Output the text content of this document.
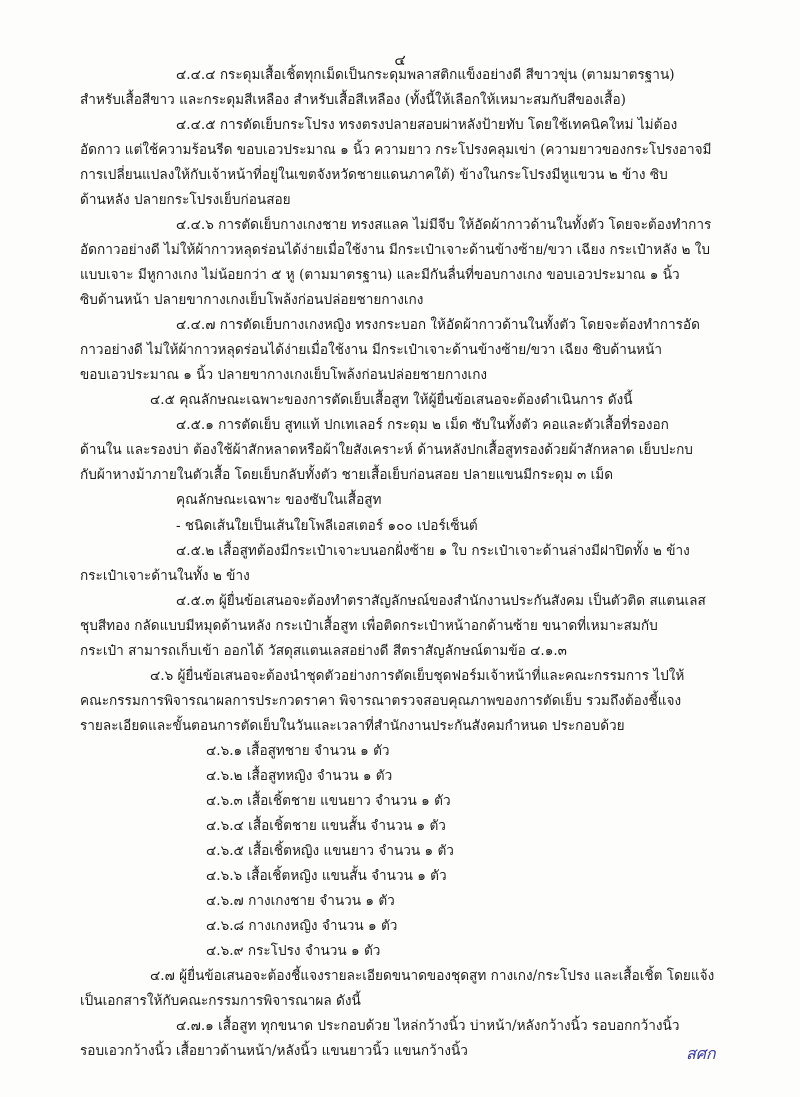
๔
สศก

๔.๔.๔ กระดุมเสื้อเชิ้ตทุกเม็ดเป็นกระดุมพลาสติกแข็งอย่างดี สีขาวขุ่น (ตามมาตรฐาน)

สำหรับเสื้อสีขาว และกระดุมสีเหลือง สำหรับเสื้อสีเหลือง (ทั้งนี้ให้เลือกให้เหมาะสมกับสีของเสื้อ)

๔.๔.๕ การตัดเย็บกระโปรง ทรงตรงปลายสอบผ่าหลังป้ายทับ โดยใช้เทคนิคใหม่ ไม่ต้อง

อัดกาว แต่ใช้ความร้อนรีด ขอบเอวประมาณ ๑ นิ้ว ความยาว กระโปรงคลุมเข่า (ความยาวของกระโปรงอาจมี

การเปลี่ยนแปลงให้กับเจ้าหน้าที่อยู่ในเขตจังหวัดชายแดนภาคใต้) ข้างในกระโปรงมีหูแขวน ๒ ข้าง ซิบ

ด้านหลัง ปลายกระโปรงเย็บก่อนสอย

๔.๔.๖ การตัดเย็บกางเกงชาย ทรงสแลค ไม่มีจีบ ให้อัดผ้ากาวด้านในทั้งตัว โดยจะต้องทำการ

อัดกาวอย่างดี ไม่ให้ผ้ากาวหลุดร่อนได้ง่ายเมื่อใช้งาน มีกระเป๋าเจาะด้านข้างซ้าย/ขวา เฉียง กระเป๋าหลัง ๒ ใบ

แบบเจาะ มีหูกางเกง ไม่น้อยกว่า ๕ หู (ตามมาตรฐาน) และมีกันลื่นที่ขอบกางเกง ขอบเอวประมาณ ๑ นิ้ว

ซิบด้านหน้า ปลายขากางเกงเย็บโพล้งก่อนปล่อยชายกางเกง

๔.๔.๗ การตัดเย็บกางเกงหญิง ทรงกระบอก ให้อัดผ้ากาวด้านในทั้งตัว โดยจะต้องทำการอัด

กาวอย่างดี ไม่ให้ผ้ากาวหลุดร่อนได้ง่ายเมื่อใช้งาน มีกระเป๋าเจาะด้านข้างซ้าย/ขวา เฉียง ซิบด้านหน้า

ขอบเอวประมาณ ๑ นิ้ว ปลายขากางเกงเย็บโพล้งก่อนปล่อยชายกางเกง

๔.๕ คุณลักษณะเฉพาะของการตัดเย็บเสื้อสูท ให้ผู้ยื่นข้อเสนอจะต้องดำเนินการ ดังนี้

๔.๕.๑ การตัดเย็บ สูทแท้ ปกเทเลอร์ กระดุม ๒ เม็ด ซับในทั้งตัว คอและตัวเสื้อที่รองอก

ด้านใน และรองบ่า ต้องใช้ผ้าสักหลาดหรือผ้าใยสังเคราะห์ ด้านหลังปกเสื้อสูทรองด้วยผ้าสักหลาด เย็บปะกบ

กับผ้าหางม้าภายในตัวเสื้อ โดยเย็บกลับทั้งตัว ชายเสื้อเย็บก่อนสอย ปลายแขนมีกระดุม ๓ เม็ด

คุณลักษณะเฉพาะ ของซับในเสื้อสูท

- ชนิดเส้นใยเป็นเส้นใยโพลีเอสเตอร์ ๑๐๐ เปอร์เซ็นต์

๔.๕.๒ เสื้อสูทต้องมีกระเป๋าเจาะบนอกฝั่งซ้าย ๑ ใบ กระเป๋าเจาะด้านล่างมีฝาปิดทั้ง ๒ ข้าง

กระเป๋าเจาะด้านในทั้ง ๒ ข้าง

๔.๕.๓ ผู้ยื่นข้อเสนอจะต้องทำตราสัญลักษณ์ของสำนักงานประกันสังคม เป็นตัวติด สแตนเลส

ชุบสีทอง กลัดแบบมีหมุดด้านหลัง กระเป๋าเสื้อสูท เพื่อติดกระเป๋าหน้าอกด้านซ้าย ขนาดที่เหมาะสมกับ

กระเป๋า สามารถเก็บเข้า ออกได้ วัสดุสแตนเลสอย่างดี สีตราสัญลักษณ์ตามข้อ ๔.๑.๓

๔.๖ ผู้ยื่นข้อเสนอจะต้องนำชุดตัวอย่างการตัดเย็บชุดฟอร์มเจ้าหน้าที่และคณะกรรมการ ไปให้

คณะกรรมการพิจารณาผลการประกวดราคา พิจารณาตรวจสอบคุณภาพของการตัดเย็บ รวมถึงต้องชี้แจง

รายละเอียดและขั้นตอนการตัดเย็บในวันและเวลาที่สำนักงานประกันสังคมกำหนด ประกอบด้วย

๔.๖.๑ เสื้อสูทชาย จำนวน ๑ ตัว

๔.๖.๒ เสื้อสูทหญิง จำนวน ๑ ตัว

๔.๖.๓ เสื้อเชิ้ตชาย แขนยาว จำนวน ๑ ตัว

๔.๖.๔ เสื้อเชิ้ตชาย แขนสั้น จำนวน ๑ ตัว

๔.๖.๕ เสื้อเชิ้ตหญิง แขนยาว จำนวน ๑ ตัว

๔.๖.๖ เสื้อเชิ้ตหญิง แขนสั้น จำนวน ๑ ตัว

๔.๖.๗ กางเกงชาย จำนวน ๑ ตัว

๔.๖.๘ กางเกงหญิง จำนวน ๑ ตัว

๔.๖.๙ กระโปรง จำนวน ๑ ตัว

๔.๗ ผู้ยื่นข้อเสนอจะต้องชี้แจงรายละเอียดขนาดของชุดสูท กางเกง/กระโปรง และเสื้อเชิ้ต โดยแจ้ง

เป็นเอกสารให้กับคณะกรรมการพิจารณาผล ดังนี้

๔.๗.๑ เสื้อสูท ทุกขนาด ประกอบด้วย ไหล่กว้างนิ้ว บ่าหน้า/หลังกว้างนิ้ว รอบอกกว้างนิ้ว

รอบเอวกว้างนิ้ว เสื้อยาวด้านหน้า/หลังนิ้ว แขนยาวนิ้ว แขนกว้างนิ้ว
